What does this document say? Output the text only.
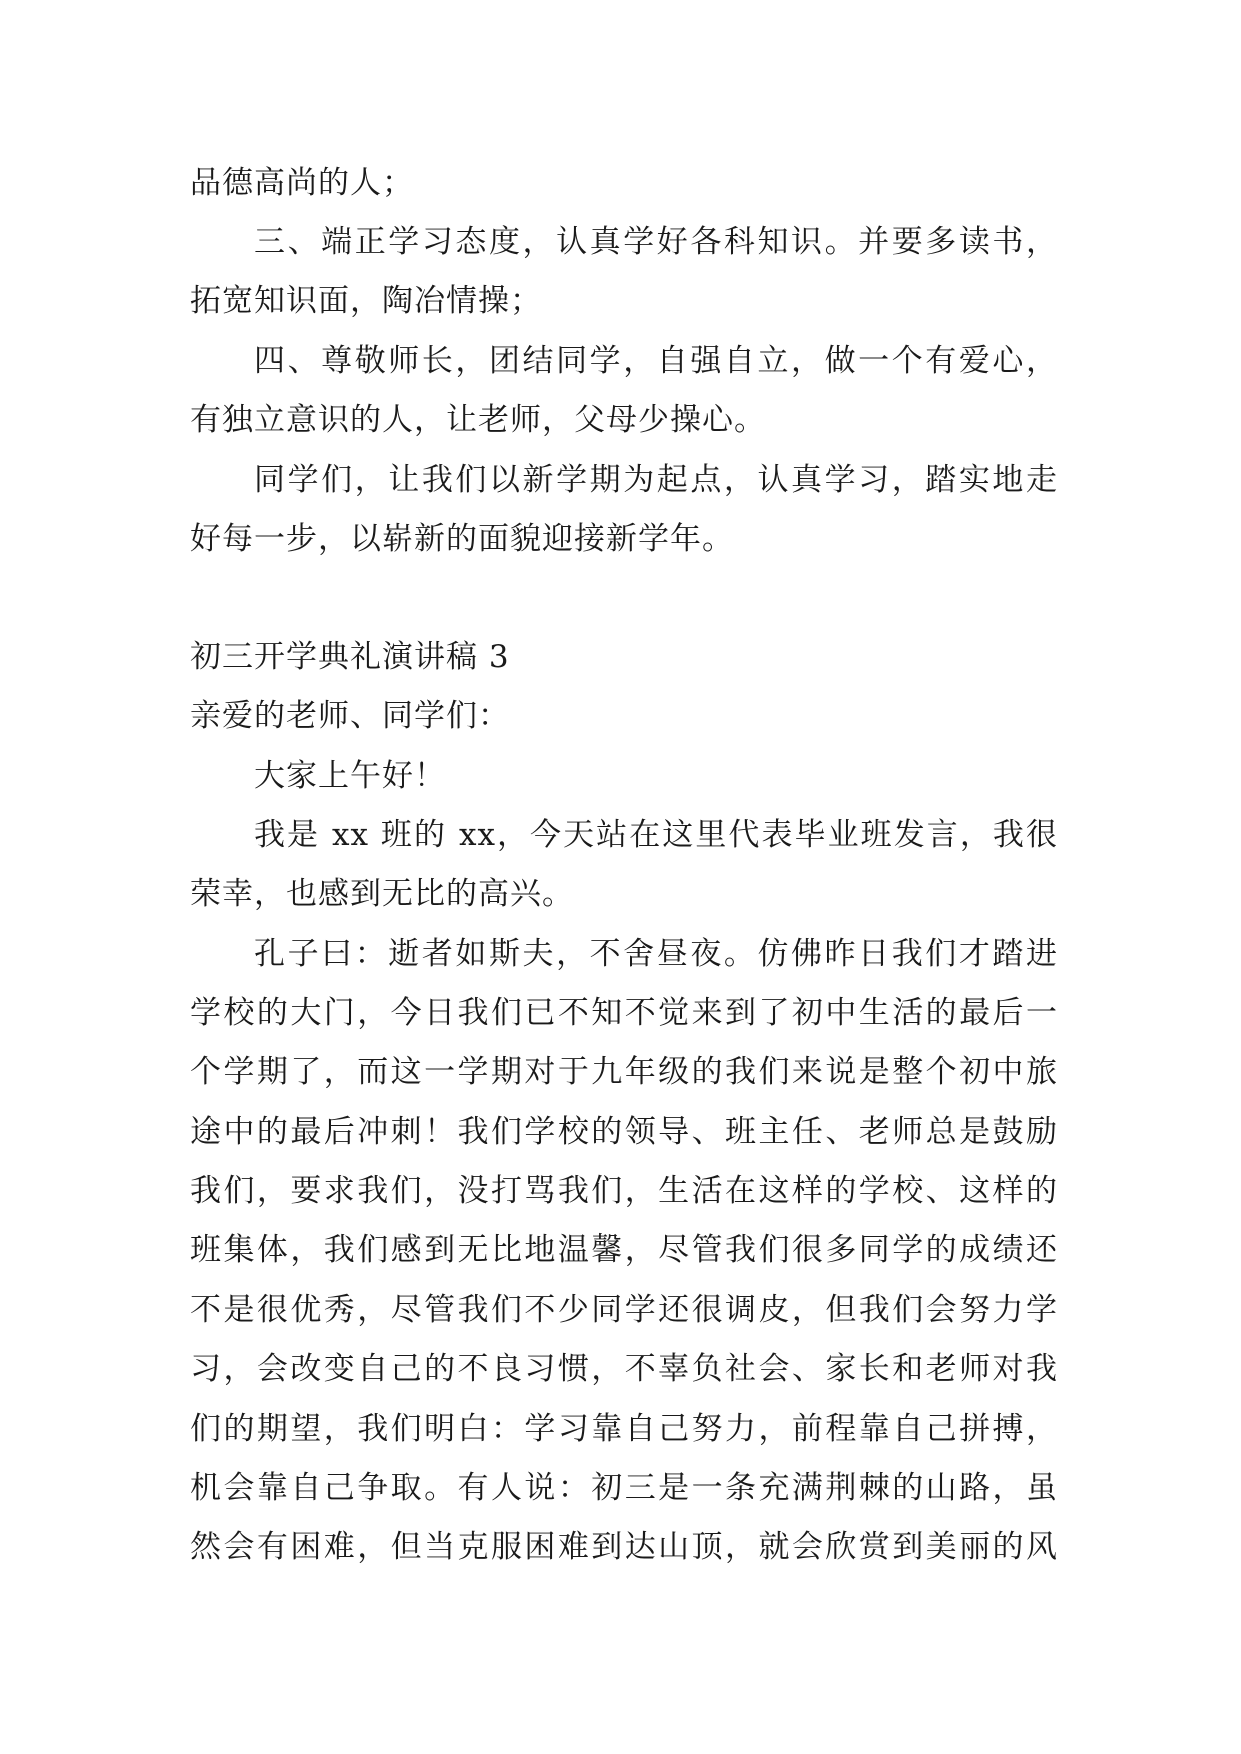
品德高尚的人；
三、端正学习态度，认真学好各科知识。并要多读书，
拓宽知识面，陶冶情操；
四、尊敬师长，团结同学，自强自立，做一个有爱心，
有独立意识的人，让老师，父母少操心。
同学们，让我们以新学期为起点，认真学习，踏实地走
好每一步，以崭新的面貌迎接新学年。
初三开学典礼演讲稿 3
亲爱的老师、同学们：
大家上午好！
我是 xx 班的 xx，今天站在这里代表毕业班发言，我很
荣幸，也感到无比的高兴。
孔子曰：逝者如斯夫，不舍昼夜。仿佛昨日我们才踏进
学校的大门，今日我们已不知不觉来到了初中生活的最后一
个学期了，而这一学期对于九年级的我们来说是整个初中旅
途中的最后冲刺！我们学校的领导、班主任、老师总是鼓励
我们，要求我们，没打骂我们，生活在这样的学校、这样的
班集体，我们感到无比地温馨，尽管我们很多同学的成绩还
不是很优秀，尽管我们不少同学还很调皮，但我们会努力学
习，会改变自己的不良习惯，不辜负社会、家长和老师对我
们的期望，我们明白：学习靠自己努力，前程靠自己拼搏，
机会靠自己争取。有人说：初三是一条充满荆棘的山路，虽
然会有困难，但当克服困难到达山顶，就会欣赏到美丽的风
